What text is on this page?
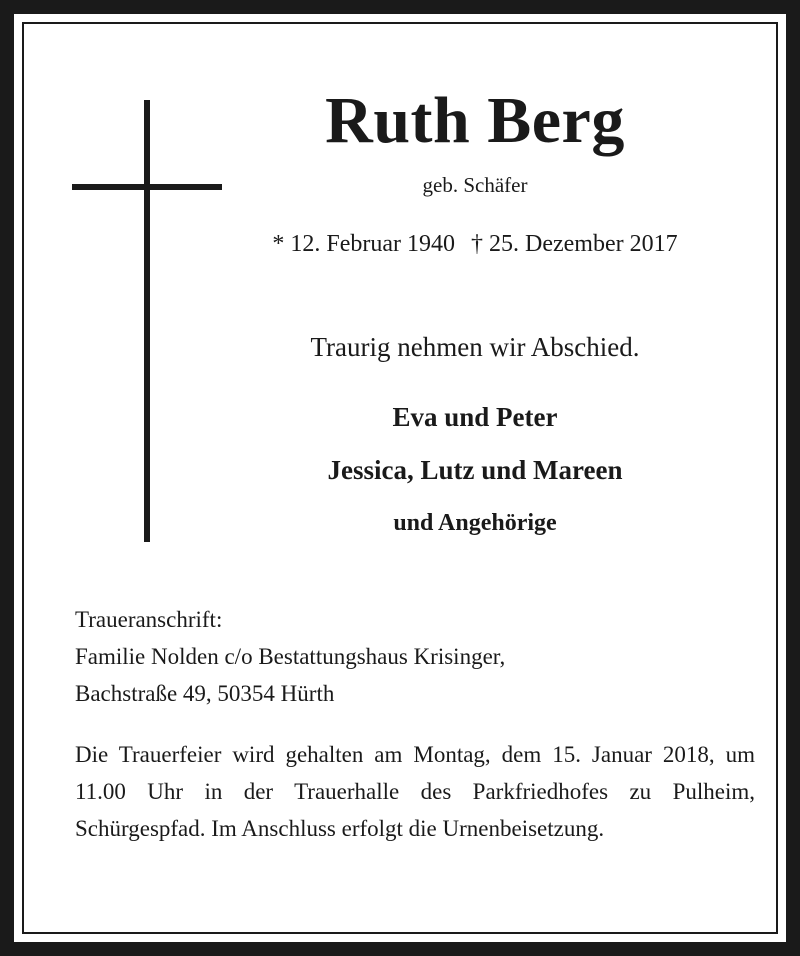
Ruth Berg
geb. Schäfer
* 12. Februar 1940 † 25. Dezember 2017
Traurig nehmen wir Abschied.
Eva und Peter
Jessica, Lutz und Mareen
und Angehörige
Traueranschrift:
Familie Nolden c/o Bestattungshaus Krisinger,
Bachstraße 49, 50354 Hürth
Die Trauerfeier wird gehalten am Montag, dem 15. Januar 2018, um 11.00 Uhr in der Trauerhalle des Parkfriedhofes zu Pulheim, Schürgespfad. Im Anschluss erfolgt die Urnenbeisetzung.
